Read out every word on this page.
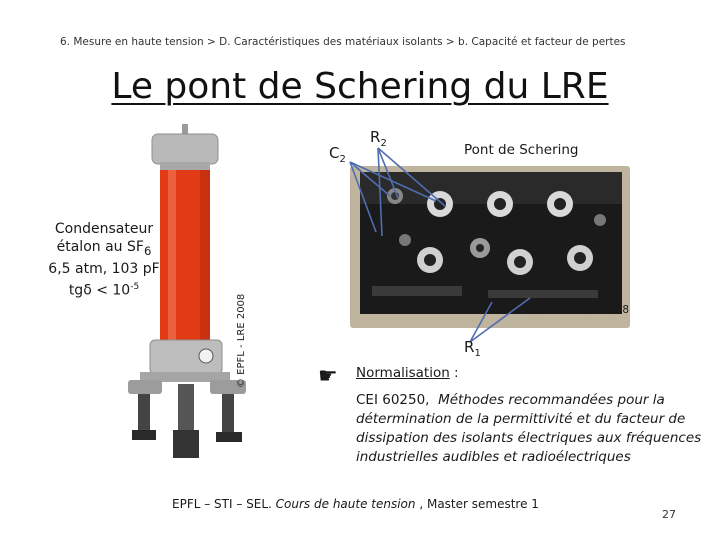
6. Mesure en haute tension > D. Caractéristiques des matériaux isolants > b. Capacité et facteur de pertes
Le pont de Schering du LRE
Condensateur
étalon au $SF_6$
6,5 atm, 103 pF
$tg\delta < 10^{-5}$
© EPFL - LRE 2008
$C_2$
$R_2$	Pont de Schering
© EPFL - LRE 2008
$R_1$
☛ Normalisation :
CEI 60250, Méthodes recommandées pour la détermination de la permittivité et du facteur de dissipation des isolants électriques aux fréquences industrielles audibles et radioélectriques
EPFL – STI – SEL. Cours de haute tension , Master semestre 1
27
